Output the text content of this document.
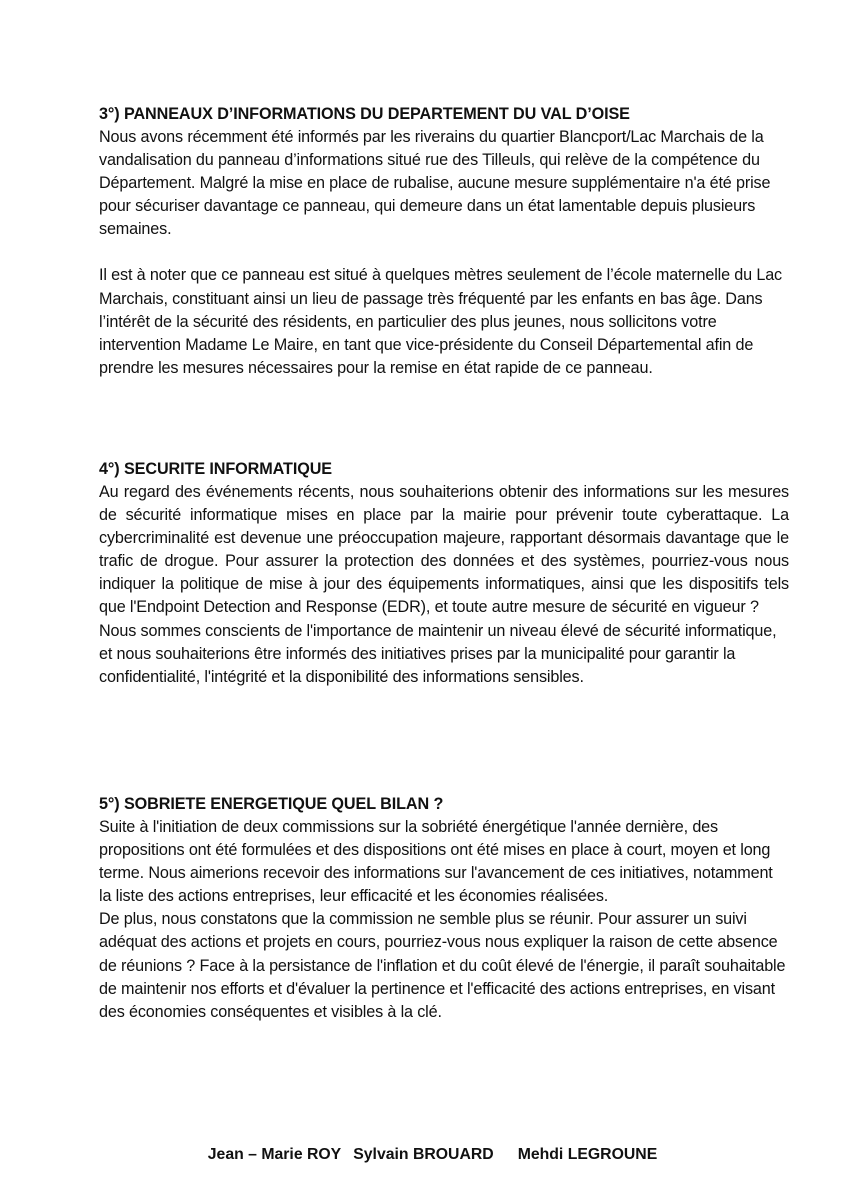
3°) PANNEAUX D’INFORMATIONS DU DEPARTEMENT DU VAL D’OISE

Nous avons récemment été informés par les riverains du quartier Blancport/Lac Marchais de la vandalisation du panneau d’informations situé rue des Tilleuls, qui relève de la compétence du Département. Malgré la mise en place de rubalise, aucune mesure supplémentaire n'a été prise pour sécuriser davantage ce panneau, qui demeure dans un état lamentable depuis plusieurs semaines.

Il est à noter que ce panneau est situé à quelques mètres seulement de l’école maternelle du Lac Marchais, constituant ainsi un lieu de passage très fréquenté par les enfants en bas âge. Dans l’intérêt de la sécurité des résidents, en particulier des plus jeunes, nous sollicitons votre intervention Madame Le Maire, en tant que vice-présidente du Conseil Départemental afin de prendre les mesures nécessaires pour la remise en état rapide de ce panneau.

4°) SECURITE INFORMATIQUE

Au regard des événements récents, nous souhaiterions obtenir des informations sur les mesures de sécurité informatique mises en place par la mairie pour prévenir toute cyberattaque. La cybercriminalité est devenue une préoccupation majeure, rapportant désormais davantage que le trafic de drogue. Pour assurer la protection des données et des systèmes, pourriez-vous nous indiquer la politique de mise à jour des équipements informatiques, ainsi que les dispositifs tels que l'Endpoint Detection and Response (EDR), et toute autre mesure de sécurité en vigueur ?

Nous sommes conscients de l'importance de maintenir un niveau élevé de sécurité informatique, et nous souhaiterions être informés des initiatives prises par la municipalité pour garantir la confidentialité, l'intégrité et la disponibilité des informations sensibles.

5°) SOBRIETE ENERGETIQUE QUEL BILAN ?

Suite à l'initiation de deux commissions sur la sobriété énergétique l'année dernière, des propositions ont été formulées et des dispositions ont été mises en place à court, moyen et long terme. Nous aimerions recevoir des informations sur l'avancement de ces initiatives, notamment la liste des actions entreprises, leur efficacité et les économies réalisées.

De plus, nous constatons que la commission ne semble plus se réunir. Pour assurer un suivi adéquat des actions et projets en cours, pourriez-vous nous expliquer la raison de cette absence de réunions ? Face à la persistance de l'inflation et du coût élevé de l'énergie, il paraît souhaitable de maintenir nos efforts et d'évaluer la pertinence et l'efficacité des actions entreprises, en visant des économies conséquentes et visibles à la clé.

Jean – Marie ROY Sylvain BROUARD Mehdi LEGROUNE
